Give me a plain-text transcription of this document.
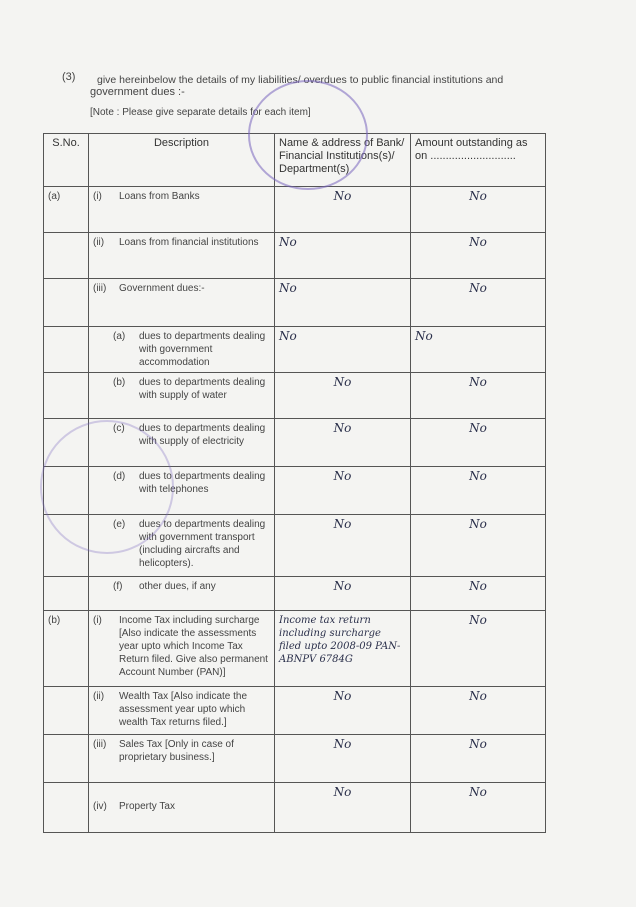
(3) give hereinbelow the details of my liabilities/ overdues to public financial institutions and
government dues :-
[Note : Please give separate details for each item]
S.No.	Description	Name & address of Bank/ Financial Institutions(s)/ Department(s)	Amount outstanding as on ............................
(a)	(i) Loans from Banks	No	No

	(ii) Loans from financial institutions	No	No

	(iii) Government dues:-	No	No

	(a) dues to departments dealing with government accommodation	No	No

	(b) dues to departments dealing with supply of water	No	No

	(c) dues to departments dealing with supply of electricity	No	No

	(d) dues to departments dealing with telephones	No	No

	(e) dues to departments dealing with government transport (including aircrafts and helicopters).	No	No

	(f) other dues, if any	No	No
(b)	(i) Income Tax including surcharge [Also indicate the assessments year upto which Income Tax Return filed. Give also permanent Account Number (PAN)]	Income tax return including surcharge filed upto 2008-09 PAN-ABNPV 6784G	No

	(ii) Wealth Tax [Also indicate the assessment year upto which wealth Tax returns filed.]	No	No

	(iii) Sales Tax [Only in case of proprietary business.]	No	No

	(iv) Property Tax	No	No
